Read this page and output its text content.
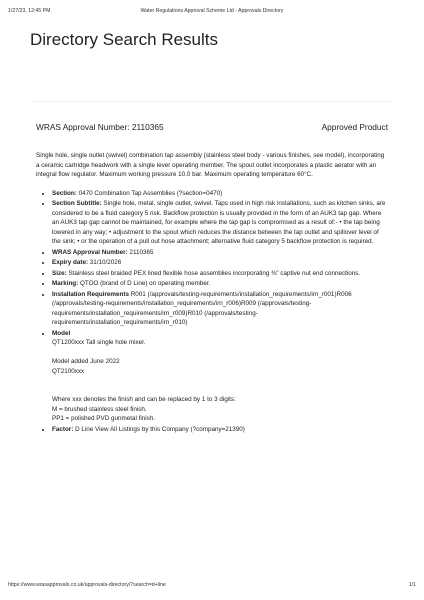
1/27/23, 12:45 PM	Water Regulations Approval Scheme Ltd - Approvals Directory
Directory Search Results
WRAS Approval Number: 2110365	Approved Product

Single hole, single outlet (swivel) combination tap assembly (stainless steel body - various finishes, see model), incorporating a ceramic cartridge headwork with a single lever operating member. The spout outlet incorporates a plastic aerator with an integral flow regulator. Maximum working pressure 10.0 bar. Maximum operating temperature 60°C.

• Section: 0470 Combination Tap Assemblies (?section=0470)
• Section Subtitle: Single hole, metal, single outlet, swivel. Taps used in high risk installations, such as kitchen sinks, are considered to be a fluid category 5 risk. Backflow protection is usually provided in the form of an AUK3 tap gap. Where an AUK3 tap gap cannot be maintained, for example where the tap gap is compromised as a result of:- • the tap being lowered in any way; • adjustment to the spout which reduces the distance between the tap outlet and spillover level of the sink; • or the operation of a pull out hose attachment; alternative fluid category 5 backflow protection is required.
• WRAS Approval Number: 2110365
• Expiry date: 31/10/2026
• Size: Stainless steel braided PEX lined flexible hose assemblies incorporating ⅜" captive nut end connections.
• Marking: QTOO (brand of D Line) on operating member.
• Installation Requirements R001 (/approvals/testing-requirements/installation_requirements/irn_r001)R006 (/approvals/testing-requirements/installation_requirements/irn_r006)R009 (/approvals/testing-requirements/installation_requirements/irn_r009)R010 (/approvals/testing-requirements/installation_requirements/irn_r010)
• Model
QT1200xxx Tall single hole mixer.
Model added June 2022
QT2100xxx
Where xxx denotes the finish and can be replaced by 1 to 3 digits:
M = brushed stainless steel finish.
PP1 = polished PVD gunmetal finish.
• Factor: D Line View All Listings by this Company (?company=21390)
https://www.wrasapprovals.co.uk/approvals-directory/?search=d+line	1/1
